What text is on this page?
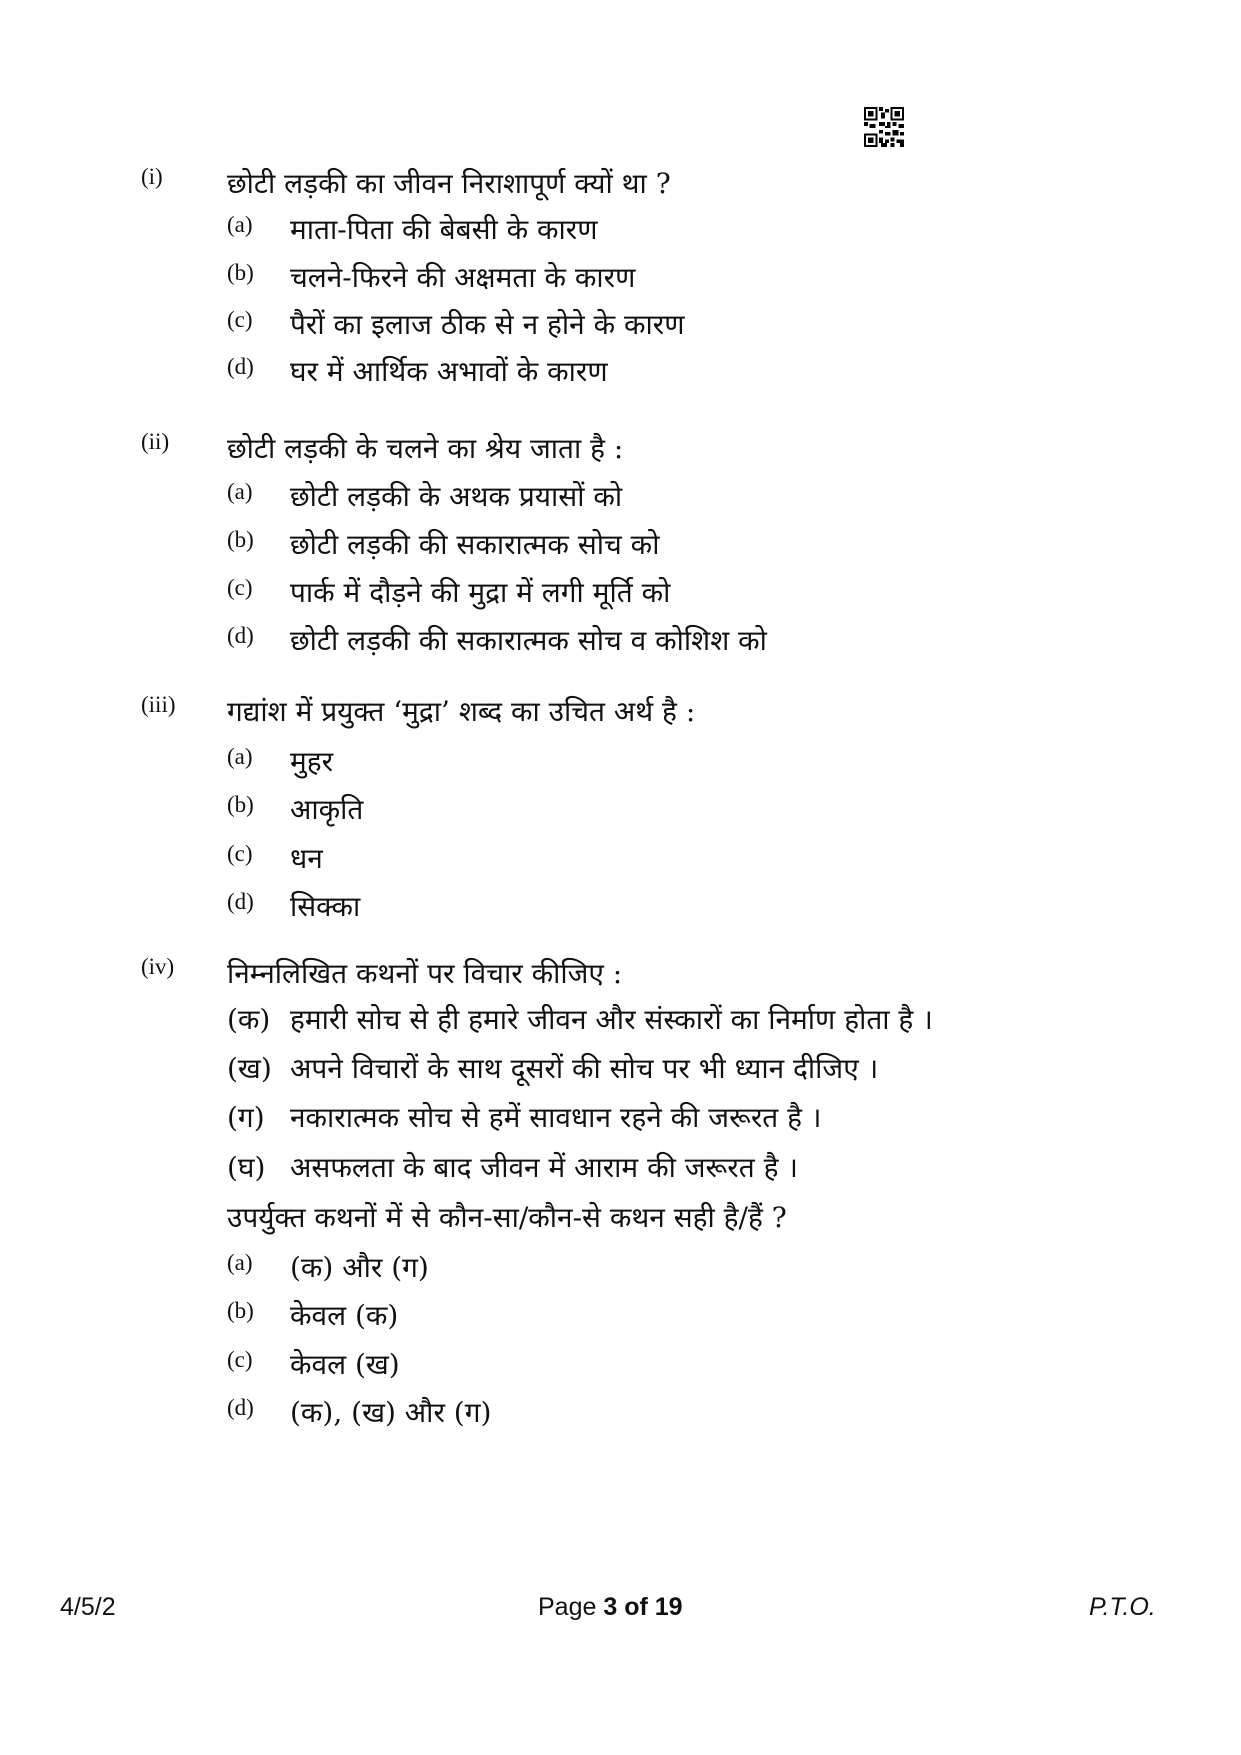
(i) छोटी लड़की का जीवन निराशापूर्ण क्यों था ?
(a) माता-पिता की बेबसी के कारण
(b) चलने-फिरने की अक्षमता के कारण
(c) पैरों का इलाज ठीक से न होने के कारण
(d) घर में आर्थिक अभावों के कारण
(ii) छोटी लड़की के चलने का श्रेय जाता है :
(a) छोटी लड़की के अथक प्रयासों को
(b) छोटी लड़की की सकारात्मक सोच को
(c) पार्क में दौड़ने की मुद्रा में लगी मूर्ति को
(d) छोटी लड़की की सकारात्मक सोच व कोशिश को
(iii) गद्यांश में प्रयुक्त ‘मुद्रा’ शब्द का उचित अर्थ है :
(a) मुहर
(b) आकृति
(c) धन
(d) सिक्का
(iv) निम्नलिखित कथनों पर विचार कीजिए :
(क) हमारी सोच से ही हमारे जीवन और संस्कारों का निर्माण होता है ।
(ख) अपने विचारों के साथ दूसरों की सोच पर भी ध्यान दीजिए ।
(ग) नकारात्मक सोच से हमें सावधान रहने की जरूरत है ।
(घ) असफलता के बाद जीवन में आराम की जरूरत है ।
उपर्युक्त कथनों में से कौन-सा/कौन-से कथन सही है/हैं ?
(a) (क) और (ग)
(b) केवल (क)
(c) केवल (ख)
(d) (क), (ख) और (ग)
4/5/2	Page 3 of 19	P.T.O.
